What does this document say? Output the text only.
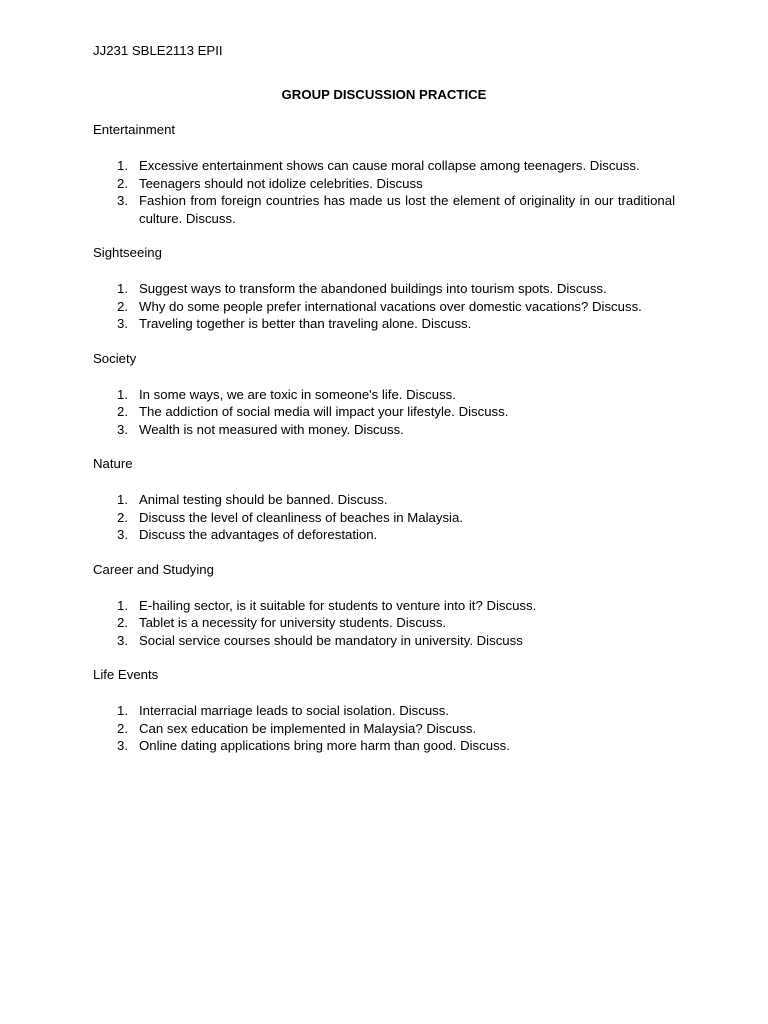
JJ231 SBLE2113 EPII
GROUP DISCUSSION PRACTICE
Entertainment
1. Excessive entertainment shows can cause moral collapse among teenagers. Discuss.
2. Teenagers should not idolize celebrities. Discuss
3. Fashion from foreign countries has made us lost the element of originality in our traditional culture. Discuss.
Sightseeing
1. Suggest ways to transform the abandoned buildings into tourism spots. Discuss.
2. Why do some people prefer international vacations over domestic vacations? Discuss.
3. Traveling together is better than traveling alone. Discuss.
Society
1. In some ways, we are toxic in someone's life. Discuss.
2. The addiction of social media will impact your lifestyle. Discuss.
3. Wealth is not measured with money. Discuss.
Nature
1. Animal testing should be banned. Discuss.
2. Discuss the level of cleanliness of beaches in Malaysia.
3. Discuss the advantages of deforestation.
Career and Studying
1. E-hailing sector, is it suitable for students to venture into it? Discuss.
2. Tablet is a necessity for university students. Discuss.
3. Social service courses should be mandatory in university. Discuss
Life Events
1. Interracial marriage leads to social isolation. Discuss.
2. Can sex education be implemented in Malaysia? Discuss.
3. Online dating applications bring more harm than good. Discuss.
